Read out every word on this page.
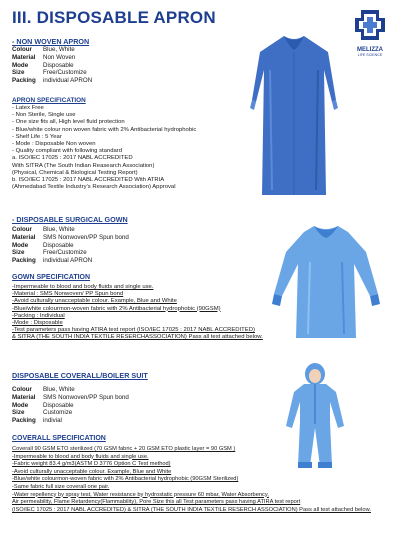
III. DISPOSABLE APRON
MELIZZA
LIFE SCIENCE
- NON WOVEN APRON
Colour	Blue, White
Material	Non Woven
Mode	Disposable
Size	Free/Customize
Packing	individual APRON
APRON SPECIFICATION
- Latex Free
- Non Sterile, Single use
- One size fits all, High level fluid protection
- Blue/white colour non woven fabric with 2% Antibacterial hydrophobic
- Shelf Life : 5 Year
- Mode : Disposable Non woven
- Quality compliant with following standard
a. ISO/IEC 17025 : 2017 NABL ACCREDITED
With SITRA (The South Indian Reasearch Association)
(Physical, Chemical & Biological Testing Report)
b. ISO/IEC 17025 : 2017 NABL ACCREDITED With ATRIA
(Ahmedabad Textile Industry’s Research Association) Approval
- DISPOSABLE SURGICAL GOWN
Colour	Blue, White
Material	SMS Nonwoven/PP Spun bond
Mode	Disposable
Size	Free/Customize
Packing	individual APRON
GOWN SPECIFICATION
-Impermeable to blood and body fluids and single use.
-Material : SMS Nonwoven/ PP Spun bond
-Avoid culturally unacceptable colour. Example, Blue and White
-Blue/white colourmon-woven fabric with 2% Antibacterial hydrophobic (90GSM)
-Packing : Individual
-Mode : Disposable
-Test parameters pass having ATIRA test report (ISO/IEC 17025 : 2017 NABL ACCREDITED)
& SITRA (THE SOUTH INDIA TEXTILE RESERCHASSOCIATION) Pass all test attached below.
DISPOSABLE COVERALL/BOILER SUIT
Colour	Blue, White
Material	SMS Nonwoven/PP Spun bond
Mode	Disposable
Size	Customize
Packing	indivial
COVERALL SPECIFICATION
Coverall 90 GSM ETO sterilized (70 GSM fabric + 20 GSM ETO plastic layer = 90 GSM )
-Impermeable to blood and body fluids and single use.
-Fabric weight 83.4 g/m3(ASTM D 3776 Option C Test method)
-Avoid culturally unacceptable colour. Example, Blue and White
-Blue/white colourmon-woven fabric with 2% Antibacterial hydrophobic (90GSM Sterilized)
-Same fabric full size coverall one pair.
-Water repellency by spray test, Water resistance by hydrostatic pressure 60 mbar, Water Absorbency,
Air permeability, Flame Retardency(Flammability), Pore Size this all Test parameters pass having ATIRA test report
(ISO/IEC 17025 : 2017 NABL ACCREDITED) & SITRA (THE SOUTH INDIA TEXTILE RESERCH ASSOCIATION) Pass all test attached below.
